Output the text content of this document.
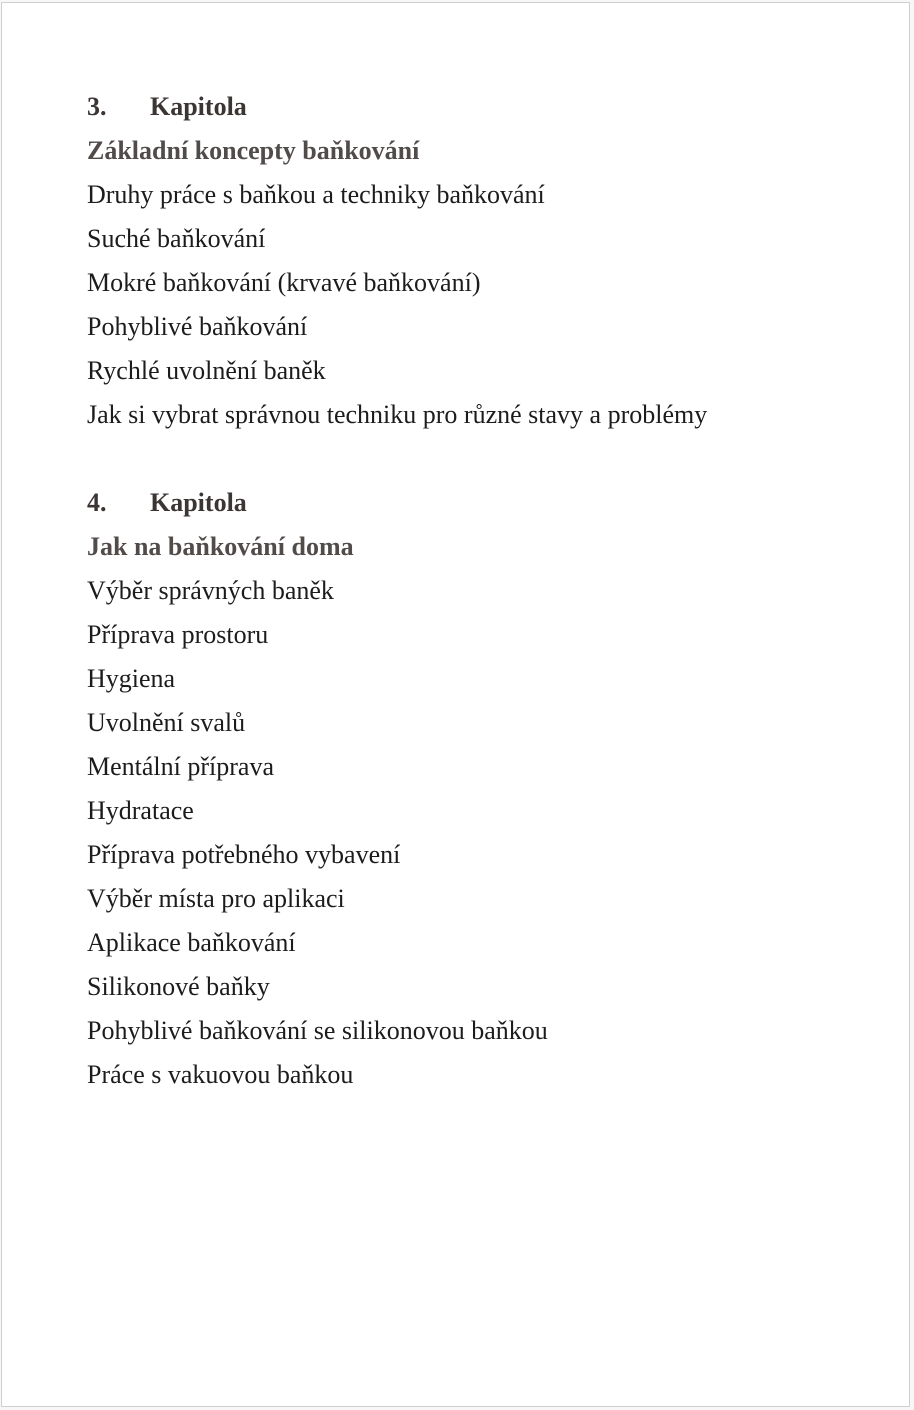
3. Kapitola
Základní koncepty baňkování
Druhy práce s baňkou a techniky baňkování
Suché baňkování
Mokré baňkování (krvavé baňkování)
Pohyblivé baňkování
Rychlé uvolnění baněk
Jak si vybrat správnou techniku pro různé stavy a problémy
4. Kapitola
Jak na baňkování doma
Výběr správných baněk
Příprava prostoru
Hygiena
Uvolnění svalů
Mentální příprava
Hydratace
Příprava potřebného vybavení
Výběr místa pro aplikaci
Aplikace baňkování
Silikonové baňky
Pohyblivé baňkování se silikonovou baňkou
Práce s vakuovou baňkou
